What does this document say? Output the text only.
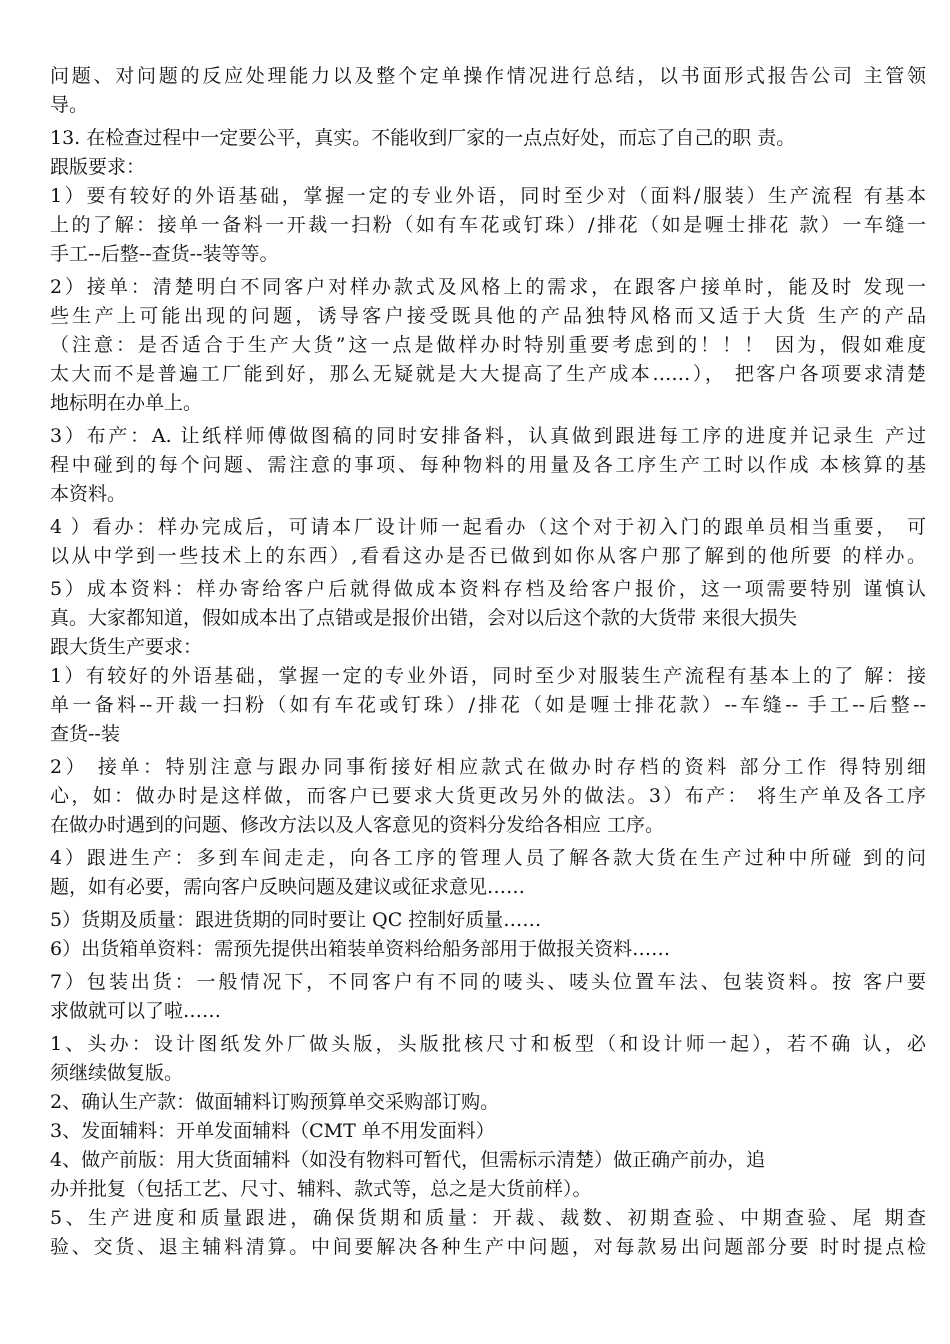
问题、对问题的反应处理能力以及整个定单操作情况进行总结，以书面形式报告公司 主管领
导。
13. 在检查过程中一定要公平，真实。不能收到厂家的一点点好处，而忘了自己的职 责。
跟版要求：
1）要有较好的外语基础，掌握一定的专业外语，同时至少对（面料/服装）生产流程 有基本
上的了解：接单一备料一开裁一扫粉（如有车花或钉珠）/排花（如是喱士排花 款）一车缝一
手工--后整--查货--装等等。
2）接单：清楚明白不同客户对样办款式及风格上的需求，在跟客户接单时，能及时 发现一
些生产上可能出现的问题，诱导客户接受既具他的产品独特风格而又适于大货 生产的产品
（注意：是否适合于生产大货”这一点是做样办时特别重要考虑到的！！！ 因为，假如难度
太大而不是普遍工厂能到好，那么无疑就是大大提高了生产成本……）， 把客户各项要求清楚
地标明在办单上。
3）布产：A. 让纸样师傅做图稿的同时安排备料，认真做到跟进每工序的进度并记录生 产过
程中碰到的每个问题、需注意的事项、每种物料的用量及各工序生产工时以作成 本核算的基
本资料。
4 ）看办：样办完成后，可请本厂设计师一起看办（这个对于初入门的跟单员相当重要， 可
以从中学到一些技术上的东西）,看看这办是否已做到如你从客户那了解到的他所要 的样办。
5）成本资料：样办寄给客户后就得做成本资料存档及给客户报价，这一项需要特别 谨慎认
真。大家都知道，假如成本出了点错或是报价出错，会对以后这个款的大货带 来很大损失
跟大货生产要求：
1）有较好的外语基础，掌握一定的专业外语，同时至少对服装生产流程有基本上的了 解：接
单一备料--开裁一扫粉（如有车花或钉珠）/排花（如是喱士排花款）--车缝-- 手工--后整--
查货--装
2） 接单：特别注意与跟办同事衔接好相应款式在做办时存档的资料 部分工作 得特别细
心，如：做办时是这样做，而客户已要求大货更改另外的做法。3）布产： 将生产单及各工序
在做办时遇到的问题、修改方法以及人客意见的资料分发给各相应 工序。
4）跟进生产：多到车间走走，向各工序的管理人员了解各款大货在生产过种中所碰 到的问
题，如有必要，需向客户反映问题及建议或征求意见……
5）货期及质量：跟进货期的同时要让 QC 控制好质量……
6）出货箱单资料：需预先提供出箱装单资料给船务部用于做报关资料……
7）包装出货：一般情况下，不同客户有不同的唛头、唛头位置车法、包装资料。按 客户要
求做就可以了啦……
1、头办：设计图纸发外厂做头版，头版批核尺寸和板型（和设计师一起），若不确 认，必
须继续做复版。
2、确认生产款：做面辅料订购预算单交采购部订购。
3、发面辅料：开单发面辅料（CMT 单不用发面料）
4、做产前版：用大货面辅料（如没有物料可暂代，但需标示清楚）做正确产前办，追
办并批复（包括工艺、尺寸、辅料、款式等，总之是大货前样）。
5、生产进度和质量跟进，确保货期和质量：开裁、裁数、初期查验、中期查验、尾 期查
验、交货、退主辅料清算。中间要解决各种生产中问题，对每款易出问题部分要 时时提点检
